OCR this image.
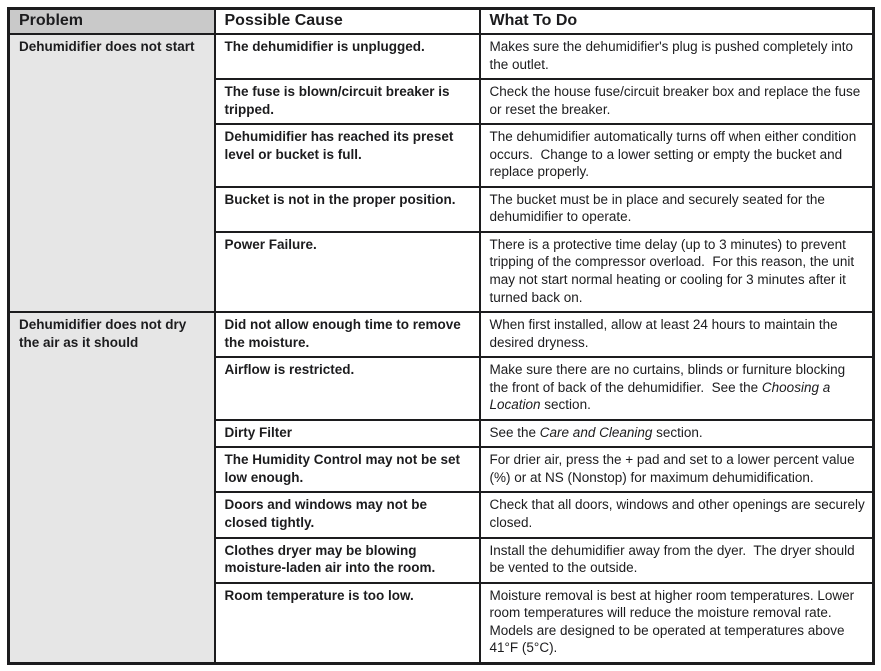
Problem	Possible Cause	What To Do
Dehumidifier does not start	The dehumidifier is unplugged.	Makes sure the dehumidifier's plug is pushed completely into the outlet.
	The fuse is blown/circuit breaker is tripped.	Check the house fuse/circuit breaker box and replace the fuse or reset the breaker.
	Dehumidifier has reached its preset level or bucket is full.	The dehumidifier automatically turns off when either condition occurs.  Change to a lower setting or empty the bucket and replace properly.
	Bucket is not in the proper position.	The bucket must be in place and securely seated for the dehumidifier to operate.
	Power Failure.	There is a protective time delay (up to 3 minutes) to prevent tripping of the compressor overload.  For this reason, the unit may not start normal heating or cooling for 3 minutes after it turned back on.
Dehumidifier does not dry the air as it should	Did not allow enough time to remove the moisture.	When first installed, allow at least 24 hours to maintain the desired dryness.
	Airflow is restricted.	Make sure there are no curtains, blinds or furniture blocking the front of back of the dehumidifier.  See the Choosing a Location section.
	Dirty Filter	See the Care and Cleaning section.
	The Humidity Control may not be set low enough.	For drier air, press the + pad and set to a lower percent value (%) or at NS (Nonstop) for maximum dehumidification.
	Doors and windows may not be closed tightly.	Check that all doors, windows and other openings are securely closed.
	Clothes dryer may be blowing moisture-laden air into the room.	Install the dehumidifier away from the dyer.  The dryer should be vented to the outside.
	Room temperature is too low.	Moisture removal is best at higher room temperatures. Lower room temperatures will reduce the moisture removal rate.  Models are designed to be operated at temperatures above 41°F (5°C).
